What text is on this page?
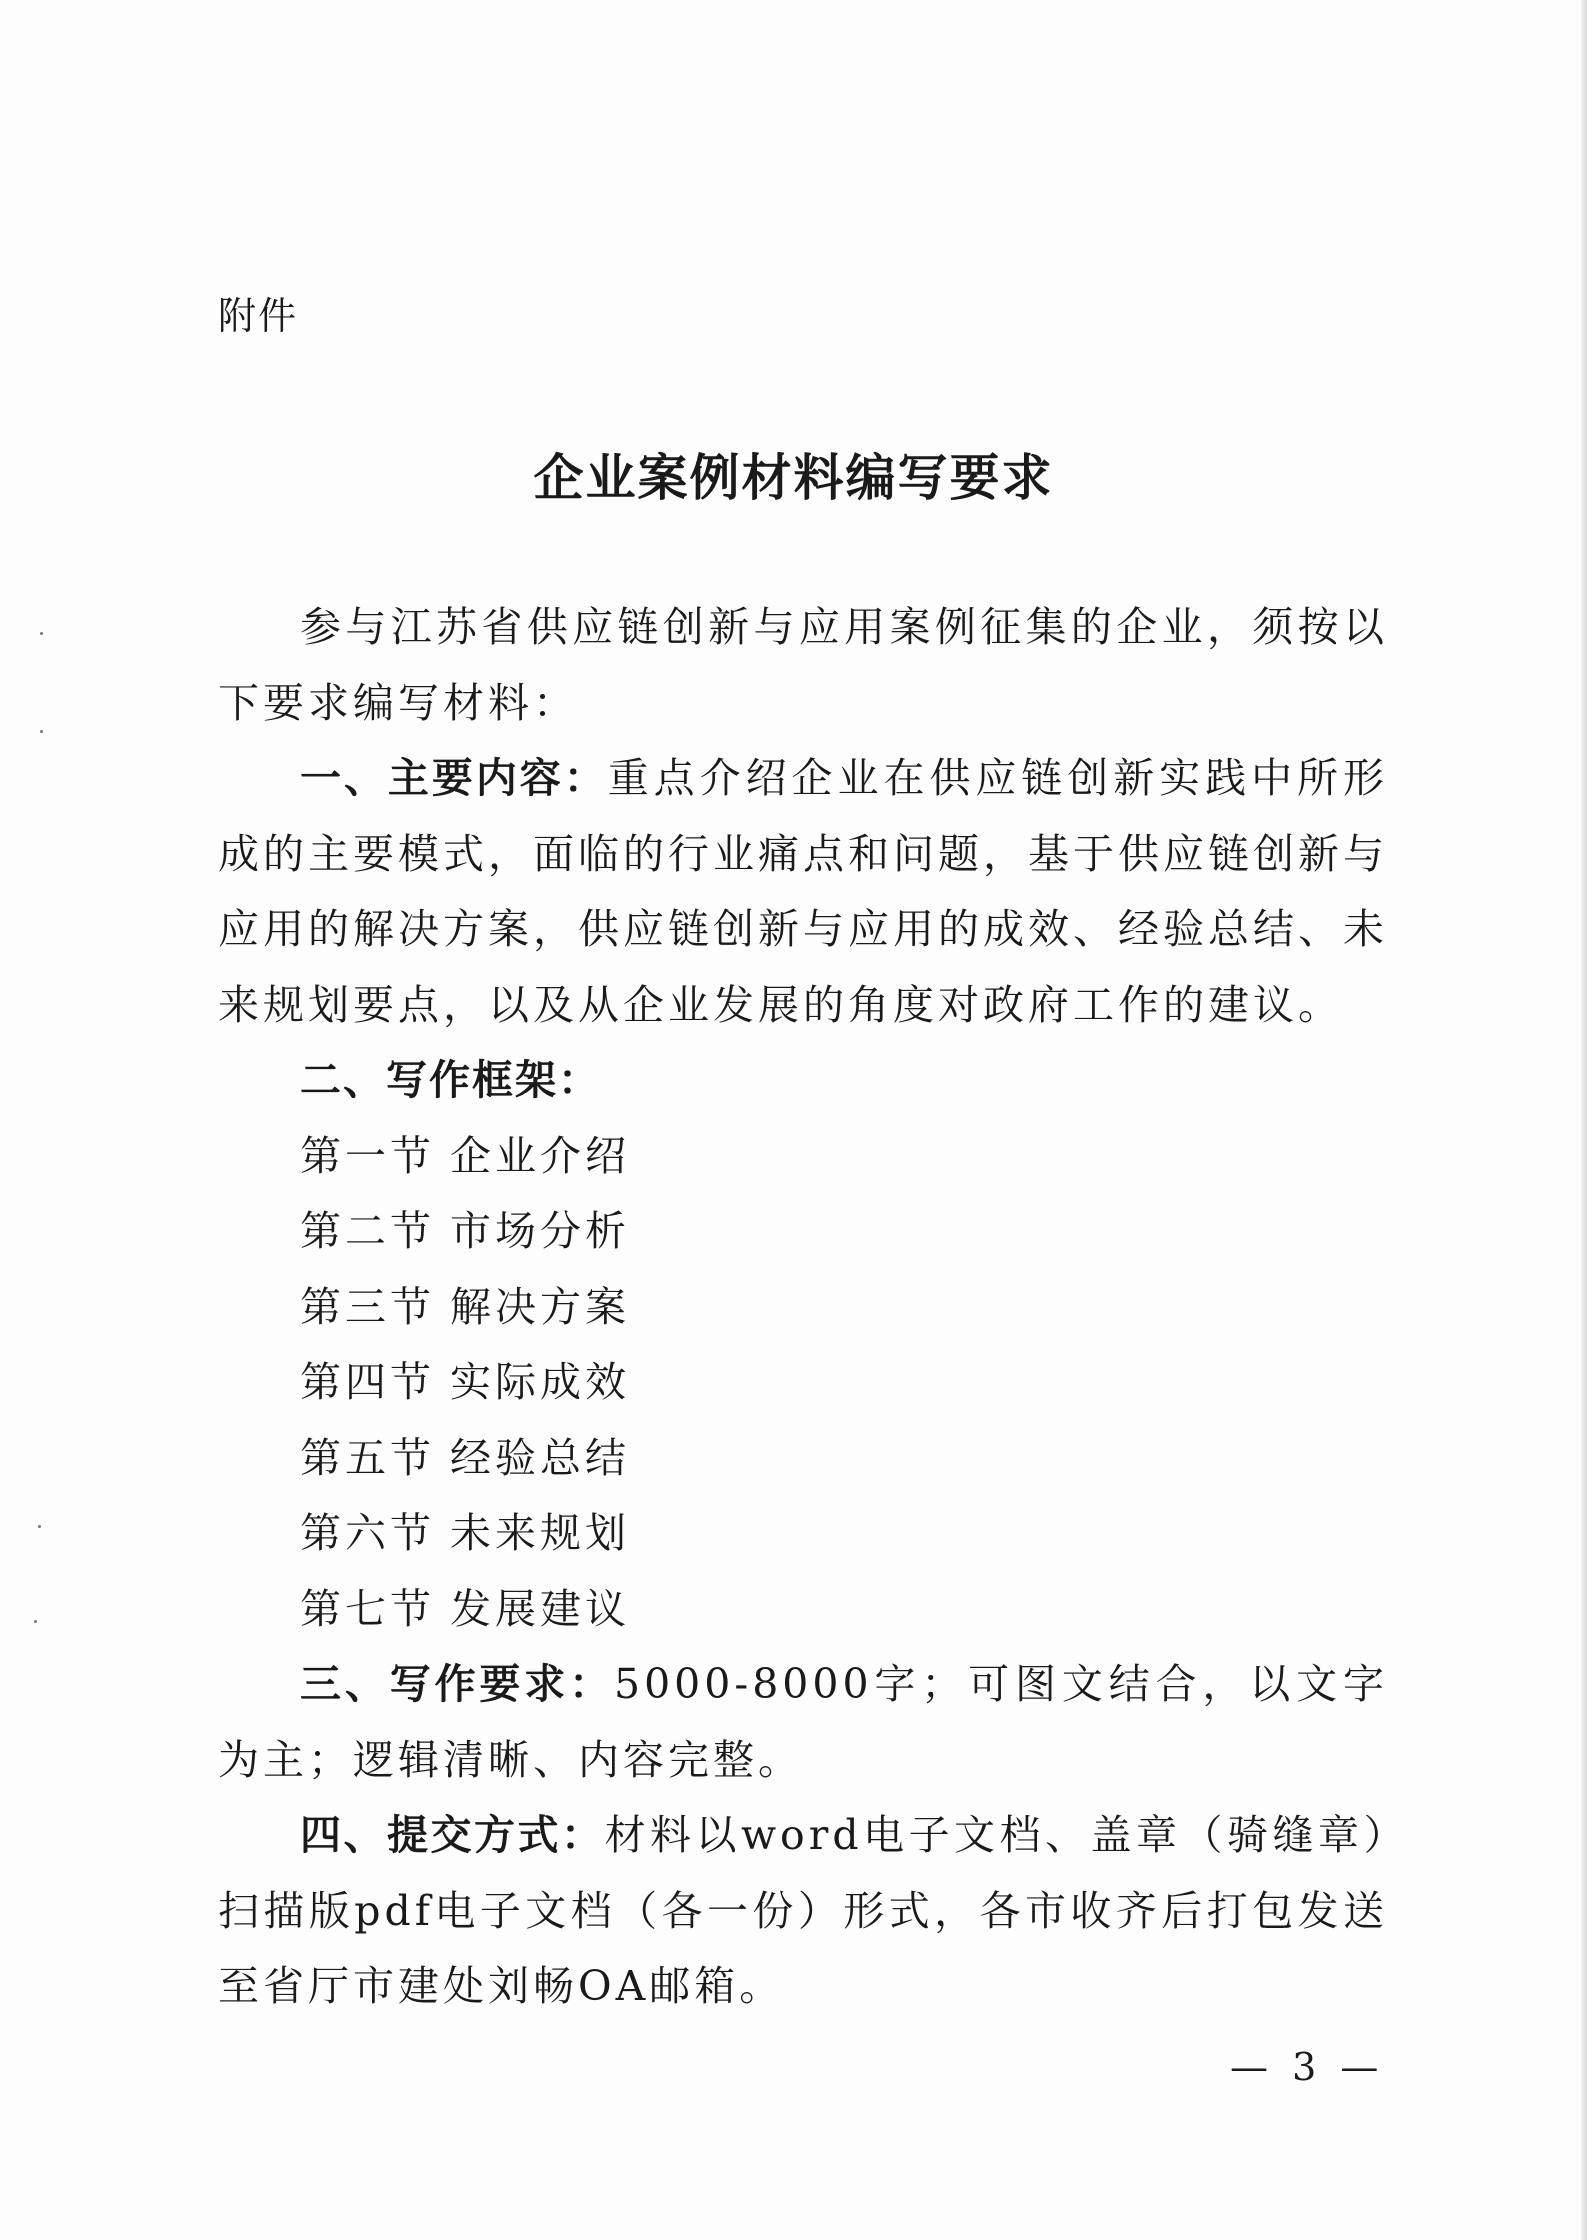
附件
企业案例材料编写要求

参与江苏省供应链创新与应用案例征集的企业，须按以下要求编写材料：

一、主要内容：重点介绍企业在供应链创新实践中所形成的主要模式，面临的行业痛点和问题，基于供应链创新与应用的解决方案，供应链创新与应用的成效、经验总结、未来规划要点，以及从企业发展的角度对政府工作的建议。

二、写作框架：

第一节 企业介绍
第二节 市场分析
第三节 解决方案
第四节 实际成效
第五节 经验总结
第六节 未来规划
第七节 发展建议

三、写作要求：5000-8000字；可图文结合，以文字为主；逻辑清晰、内容完整。

四、提交方式：材料以word电子文档、盖章（骑缝章）扫描版pdf电子文档（各一份）形式，各市收齐后打包发送至省厅市建处刘畅OA邮箱。

— 3 —
